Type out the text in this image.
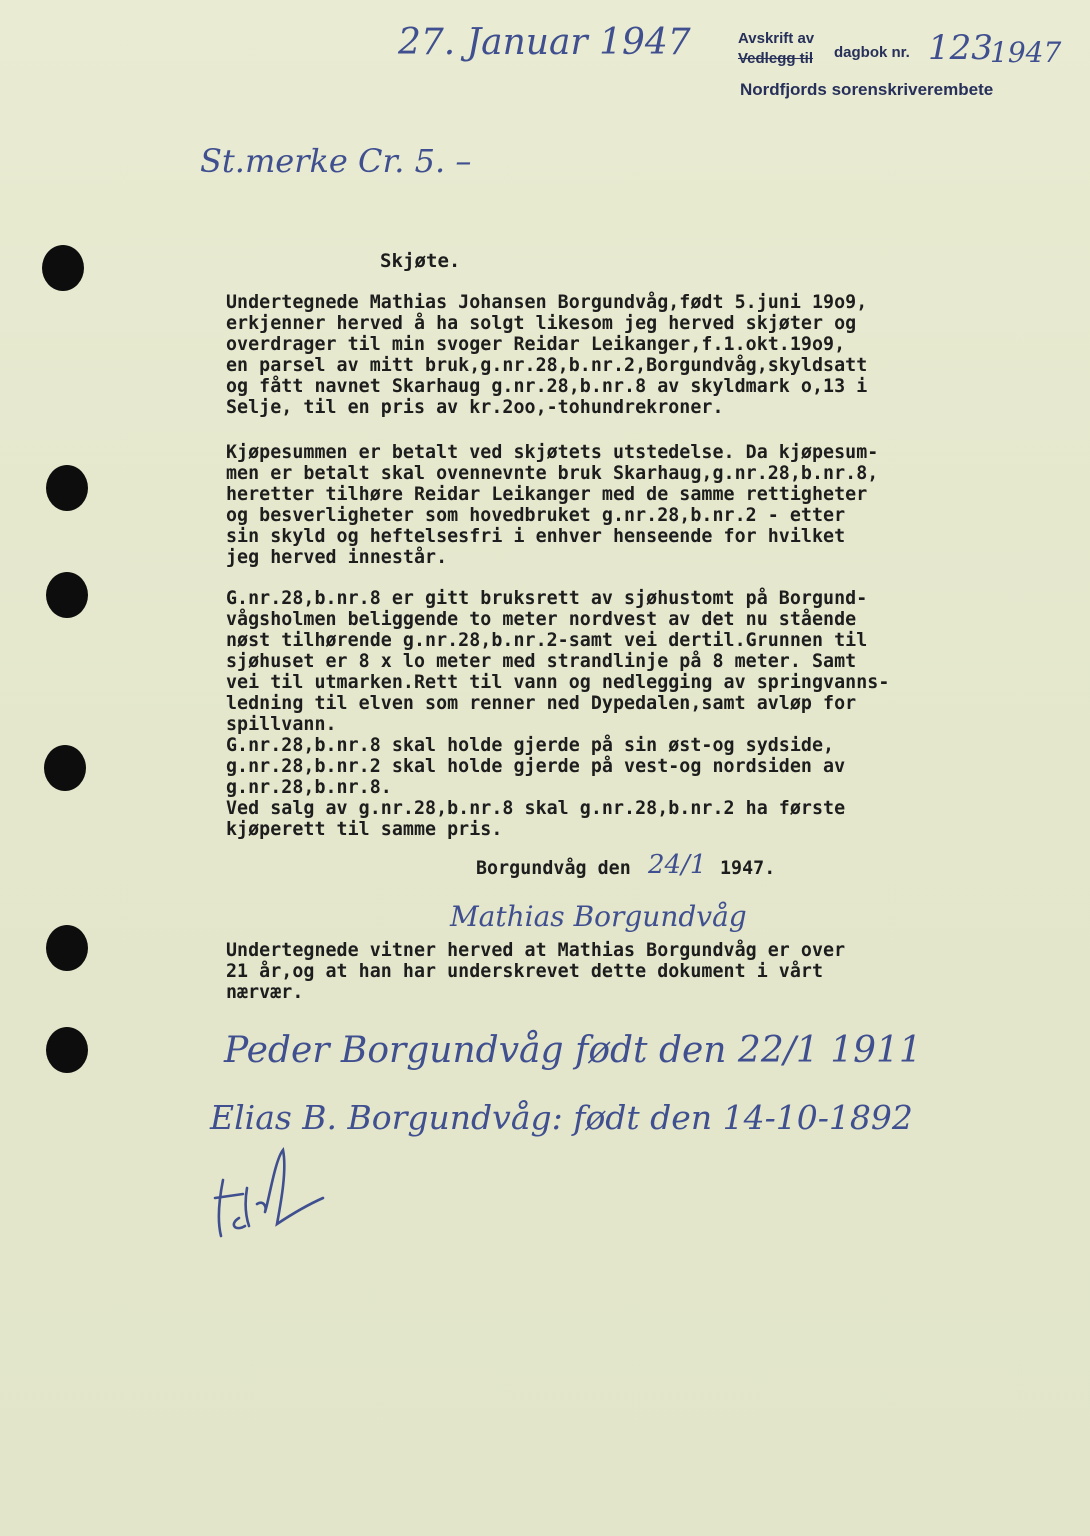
27. Januar 1947	Avskrift av
Vedlegg til dagbok nr. 123
1947
Nordfjords sorenskriverembete
St.merke Cr. 5. –
Skjøte.
Undertegnede Mathias Johansen Borgundvåg,født 5.juni 19o9,
erkjenner herved å ha solgt likesom jeg herved skjøter og
overdrager til min svoger Reidar Leikanger,f.1.okt.19o9,
en parsel av mitt bruk,g.nr.28,b.nr.2,Borgundvåg,skyldsatt
og fått navnet Skarhaug g.nr.28,b.nr.8 av skyldmark o,13 i
Selje, til en pris av kr.2oo,-tohundrekroner.
Kjøpesummen er betalt ved skjøtets utstedelse. Da kjøpesum-
men er betalt skal ovennevnte bruk Skarhaug,g.nr.28,b.nr.8,
heretter tilhøre Reidar Leikanger med de samme rettigheter
og besverligheter som hovedbruket g.nr.28,b.nr.2 - etter
sin skyld og heftelsesfri i enhver henseende for hvilket
jeg herved innestår.
G.nr.28,b.nr.8 er gitt bruksrett av sjøhustomt på Borgund-
vågsholmen beliggende to meter nordvest av det nu stående
nøst tilhørende g.nr.28,b.nr.2-samt vei dertil.Grunnen til
sjøhuset er 8 x lo meter med strandlinje på 8 meter. Samt
vei til utmarken.Rett til vann og nedlegging av springvanns-
ledning til elven som renner ned Dypedalen,samt avløp for
spillvann.
G.nr.28,b.nr.8 skal holde gjerde på sin øst-og sydside,
g.nr.28,b.nr.2 skal holde gjerde på vest-og nordsiden av
g.nr.28,b.nr.8.
Ved salg av g.nr.28,b.nr.8 skal g.nr.28,b.nr.2 ha første
kjøperett til samme pris.
Borgundvåg den 24/1 1947.
Mathias Borgundvåg
Undertegnede vitner herved at Mathias Borgundvåg er over
21 år,og at han har underskrevet dette dokument i vårt
nærvær.
Peder Borgundvåg født den 22/1 1911
Elias B. Borgundvåg: født den 14-10-1892
